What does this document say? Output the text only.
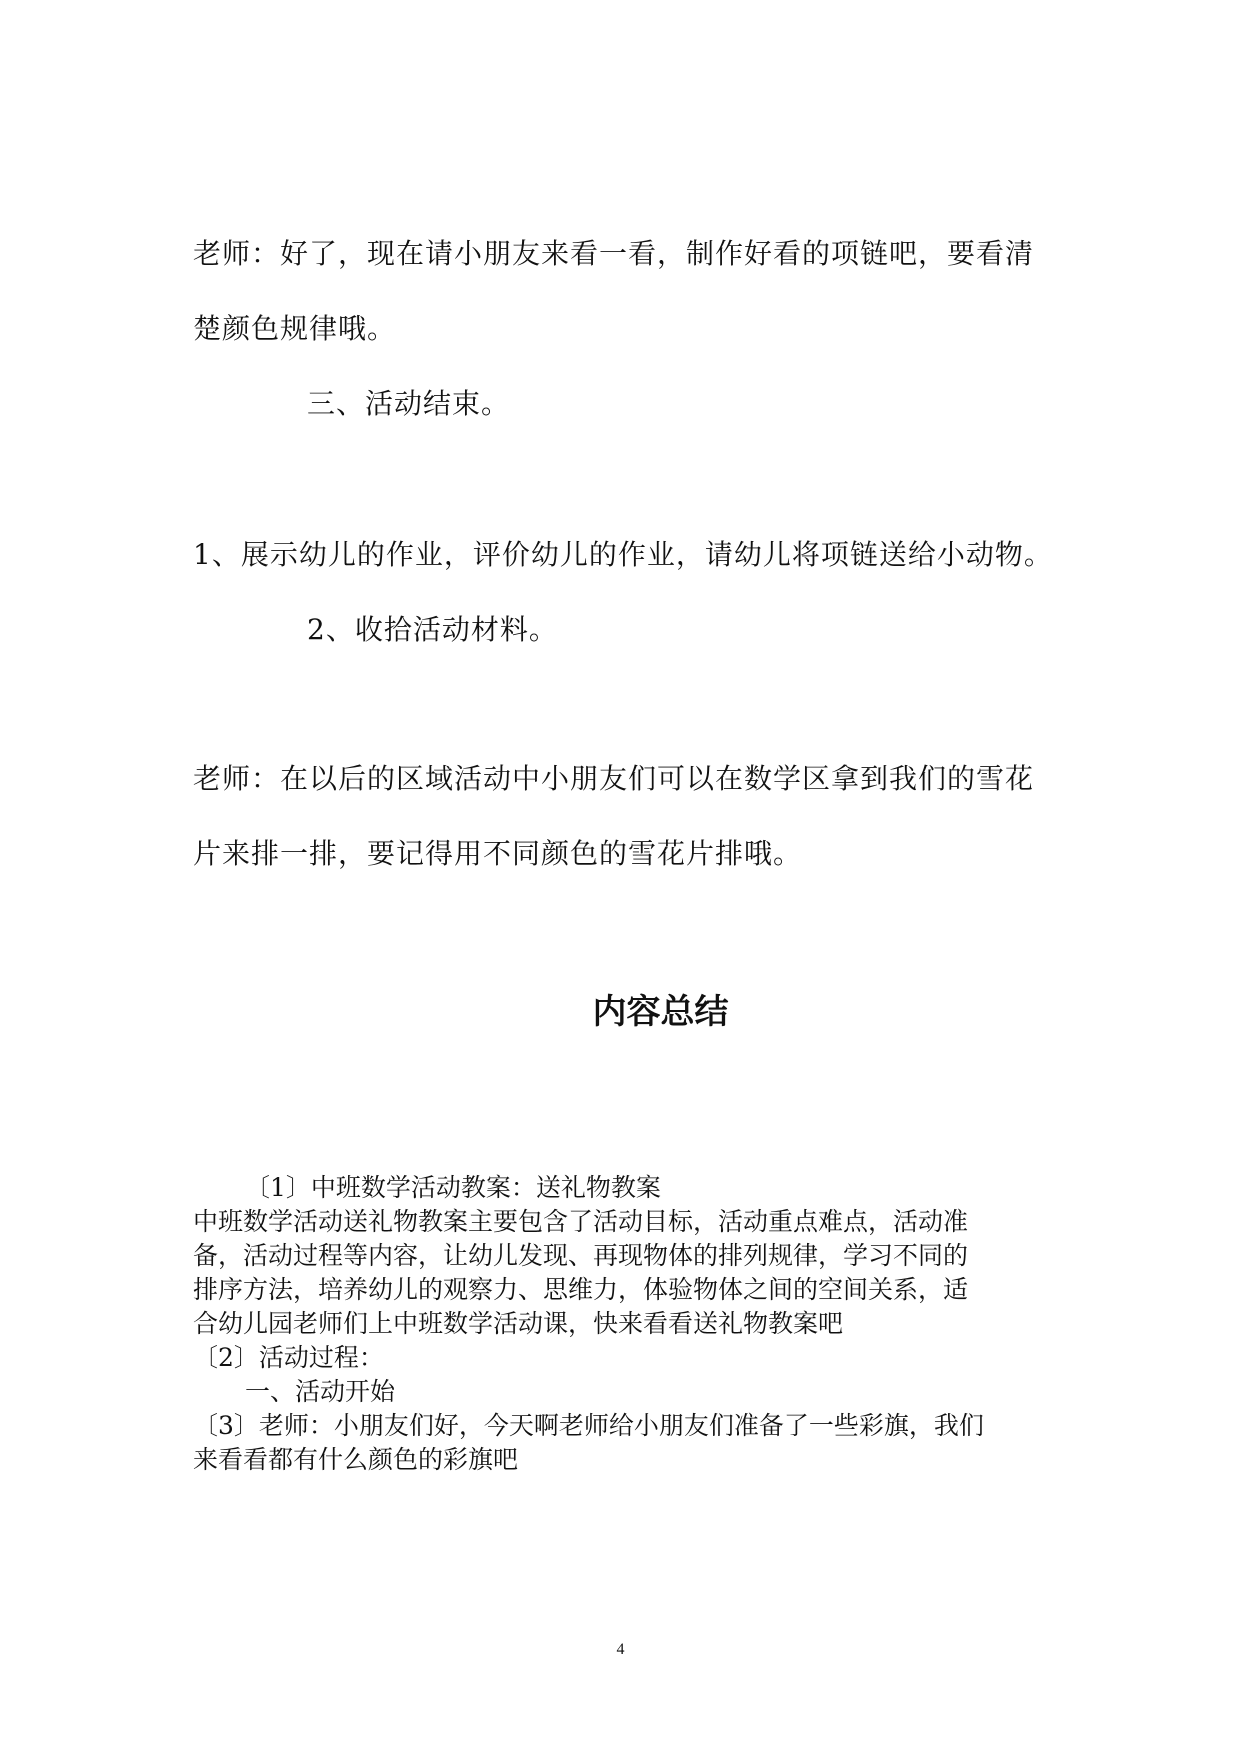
老师：好了，现在请小朋友来看一看，制作好看的项链吧，要看清
楚颜色规律哦。
三、活动结束。
1、展示幼儿的作业，评价幼儿的作业，请幼儿将项链送给小动物。
2、收拾活动材料。
老师：在以后的区域活动中小朋友们可以在数学区拿到我们的雪花
片来排一排，要记得用不同颜色的雪花片排哦。
内容总结
〔1〕中班数学活动教案：送礼物教案
中班数学活动送礼物教案主要包含了活动目标，活动重点难点，活动准
备，活动过程等内容，让幼儿发现、再现物体的排列规律，学习不同的
排序方法，培养幼儿的观察力、思维力，体验物体之间的空间关系，适
合幼儿园老师们上中班数学活动课，快来看看送礼物教案吧
〔2〕活动过程：
一、活动开始
〔3〕老师：小朋友们好，今天啊老师给小朋友们准备了一些彩旗，我们
来看看都有什么颜色的彩旗吧
4
